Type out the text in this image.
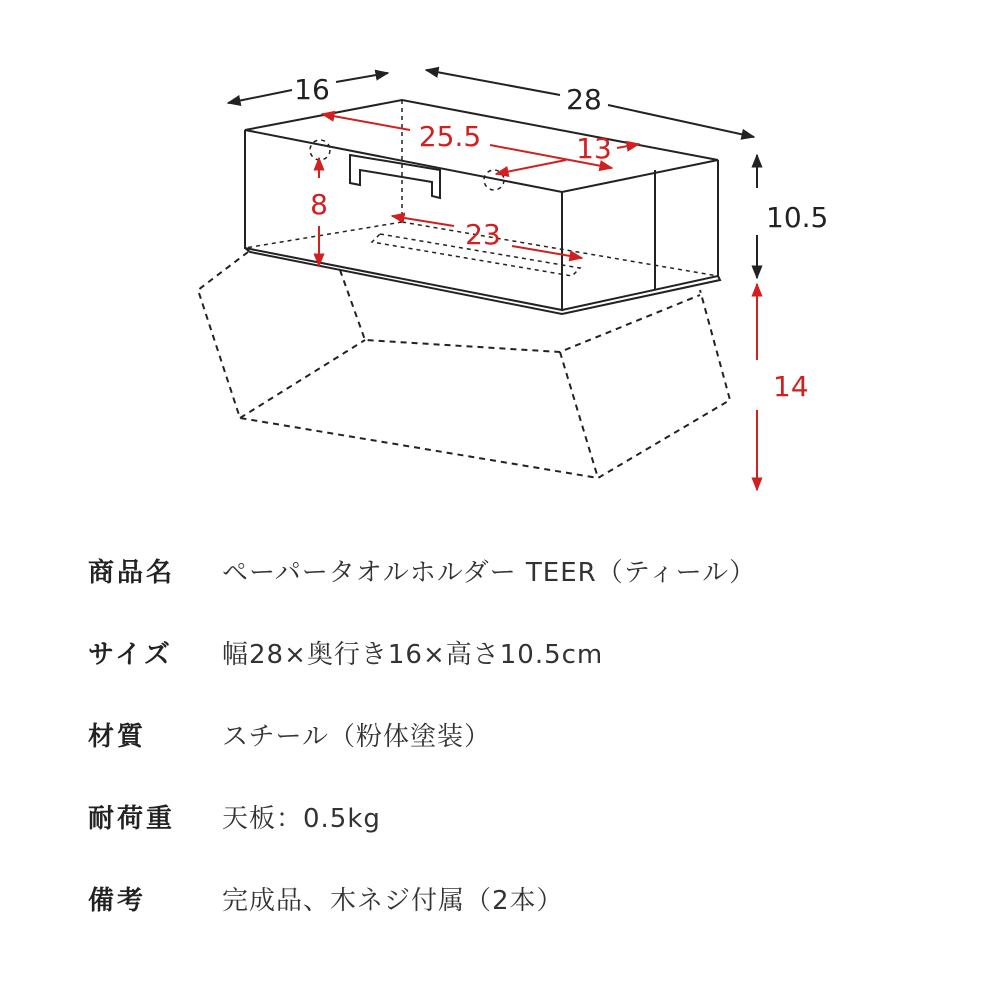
16	28
10.5
25.5	13
8
23
14
商品名 ペーパータオルホルダー TEER（ティール）
サイズ 幅28×奥行き16×高さ10.5cm
材質	スチール（粉体塗装）
耐荷重 天板：0.5kg
備考	完成品、木ネジ付属（2本）
